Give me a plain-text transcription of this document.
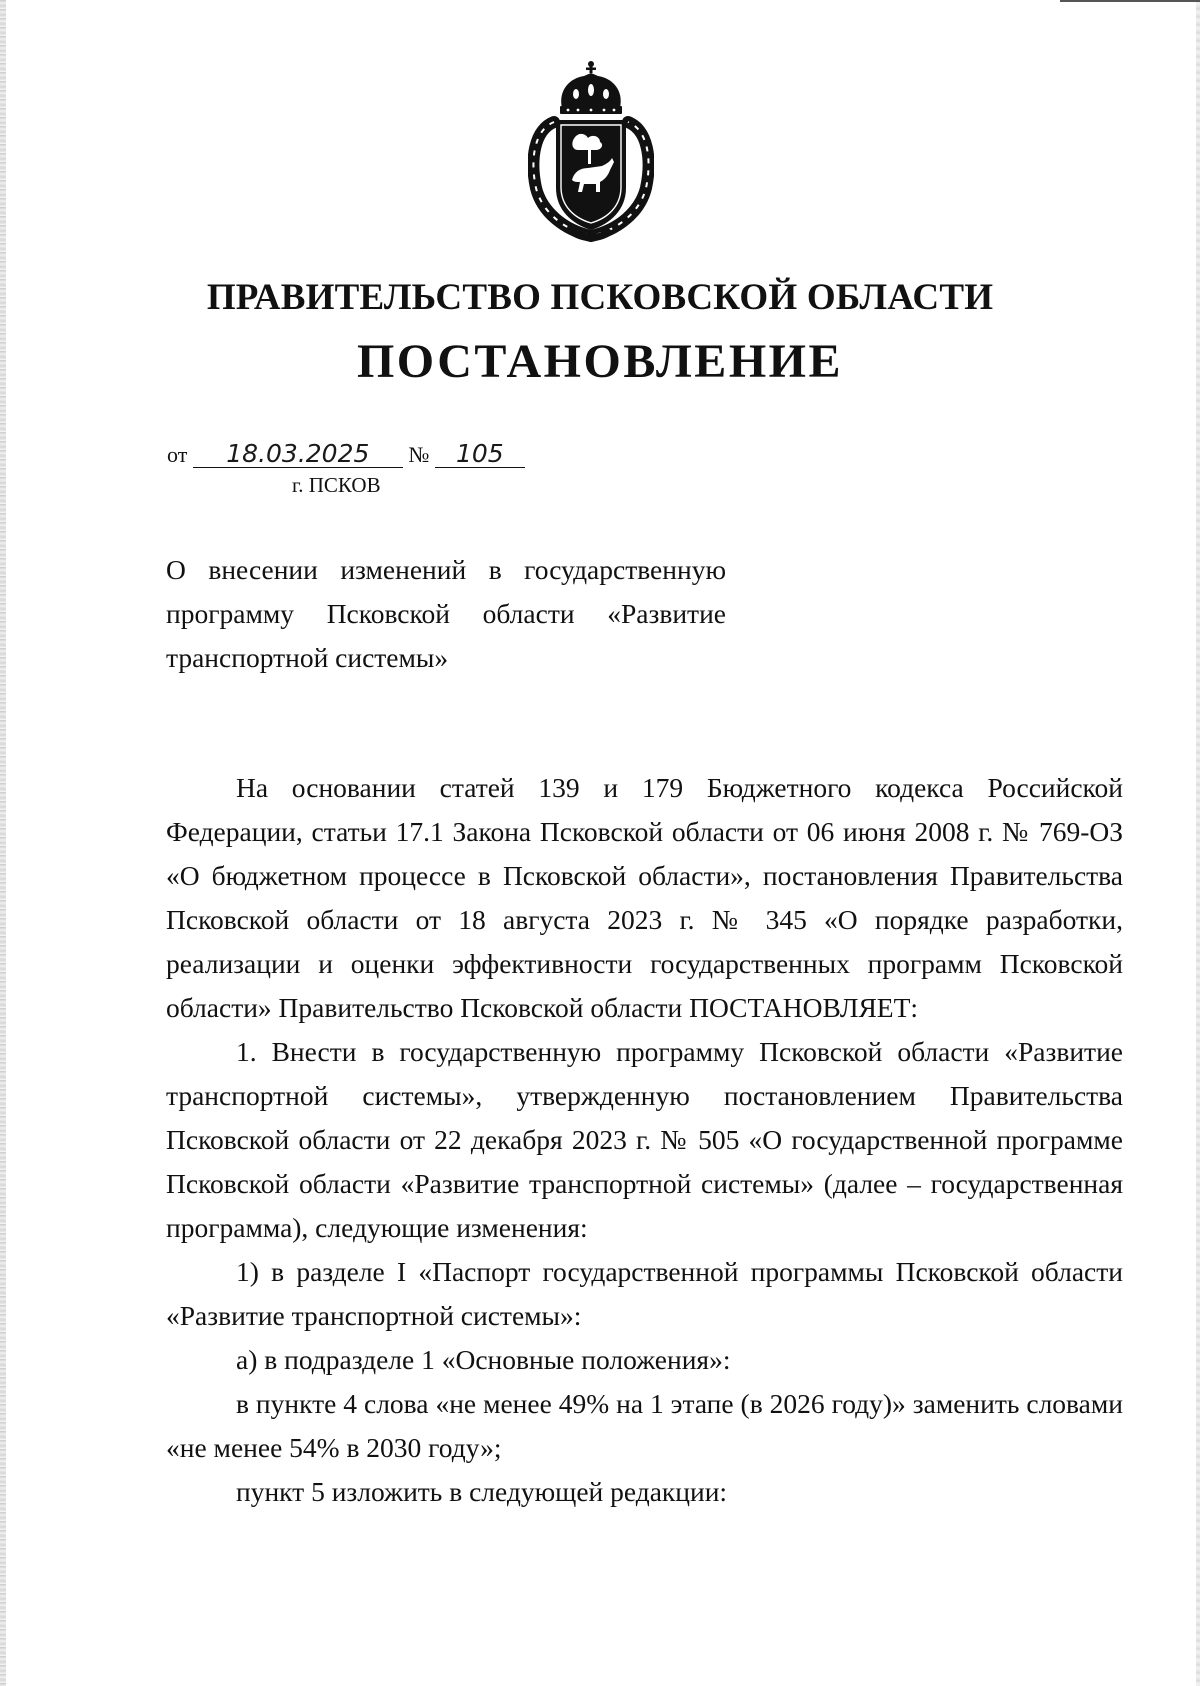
ПРАВИТЕЛЬСТВО ПСКОВСКОЙ ОБЛАСТИ
ПОСТАНОВЛЕНИЕ
от 18.03.2025 № 105
г. ПСКОВ
О внесении изменений в государственную
программу Псковской области «Развитие
транспортной системы»

На основании статей 139 и 179 Бюджетного кодекса Российской Федерации, статьи 17.1 Закона Псковской области от 06 июня 2008 г. № 769-ОЗ «О бюджетном процессе в Псковской области», постановления Правительства Псковской области от 18 августа 2023 г. № 345 «О порядке разработки, реализации и оценки эффективности государственных программ Псковской области» Правительство Псковской области ПОСТАНОВЛЯЕТ:

1. Внести в государственную программу Псковской области «Развитие транспортной системы», утвержденную постановлением Правительства Псковской области от 22 декабря 2023 г. № 505 «О государственной программе Псковской области «Развитие транспортной системы» (далее – государственная программа), следующие изменения:

1) в разделе I «Паспорт государственной программы Псковской области «Развитие транспортной системы»:

а) в подразделе 1 «Основные положения»:

в пункте 4 слова «не менее 49% на 1 этапе (в 2026 году)» заменить словами «не менее 54% в 2030 году»;

пункт 5 изложить в следующей редакции:
